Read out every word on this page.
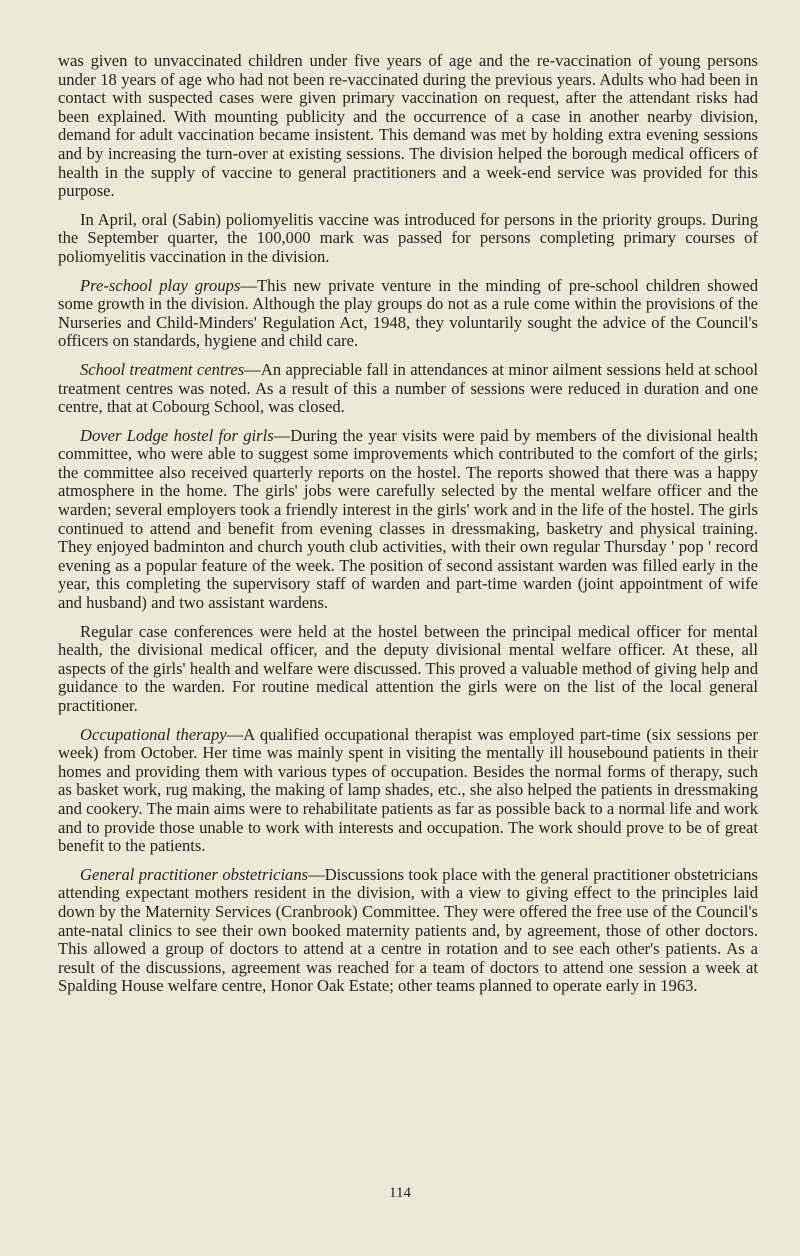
was given to unvaccinated children under five years of age and the re-vaccination of young persons under 18 years of age who had not been re-vaccinated during the previous years. Adults who had been in contact with suspected cases were given primary vaccination on request, after the attendant risks had been explained. With mounting publicity and the occurrence of a case in another nearby division, demand for adult vaccination became insistent. This demand was met by holding extra evening sessions and by increasing the turn-over at existing sessions. The division helped the borough medical officers of health in the supply of vaccine to general practitioners and a week-end service was provided for this purpose.

In April, oral (Sabin) poliomyelitis vaccine was introduced for persons in the priority groups. During the September quarter, the 100,000 mark was passed for persons completing primary courses of poliomyelitis vaccination in the division.

Pre-school play groups—This new private venture in the minding of pre-school children showed some growth in the division. Although the play groups do not as a rule come within the provisions of the Nurseries and Child-Minders' Regulation Act, 1948, they voluntarily sought the advice of the Council's officers on standards, hygiene and child care.

School treatment centres—An appreciable fall in attendances at minor ailment sessions held at school treatment centres was noted. As a result of this a number of sessions were reduced in duration and one centre, that at Cobourg School, was closed.

Dover Lodge hostel for girls—During the year visits were paid by members of the divisional health committee, who were able to suggest some improvements which contributed to the comfort of the girls; the committee also received quarterly reports on the hostel. The reports showed that there was a happy atmosphere in the home. The girls' jobs were carefully selected by the mental welfare officer and the warden; several employers took a friendly interest in the girls' work and in the life of the hostel. The girls continued to attend and benefit from evening classes in dressmaking, basketry and physical training. They enjoyed badminton and church youth club activities, with their own regular Thursday ' pop ' record evening as a popular feature of the week. The position of second assistant warden was filled early in the year, this completing the supervisory staff of warden and part-time warden (joint appointment of wife and husband) and two assistant wardens.

Regular case conferences were held at the hostel between the principal medical officer for mental health, the divisional medical officer, and the deputy divisional mental welfare officer. At these, all aspects of the girls' health and welfare were discussed. This proved a valuable method of giving help and guidance to the warden. For routine medical attention the girls were on the list of the local general practitioner.

Occupational therapy—A qualified occupational therapist was employed part-time (six sessions per week) from October. Her time was mainly spent in visiting the mentally ill housebound patients in their homes and providing them with various types of occupation. Besides the normal forms of therapy, such as basket work, rug making, the making of lamp shades, etc., she also helped the patients in dressmaking and cookery. The main aims were to rehabilitate patients as far as possible back to a normal life and work and to provide those unable to work with interests and occupation. The work should prove to be of great benefit to the patients.

General practitioner obstetricians—Discussions took place with the general practitioner obstetricians attending expectant mothers resident in the division, with a view to giving effect to the principles laid down by the Maternity Services (Cranbrook) Committee. They were offered the free use of the Council's ante-natal clinics to see their own booked maternity patients and, by agreement, those of other doctors. This allowed a group of doctors to attend at a centre in rotation and to see each other's patients. As a result of the discussions, agreement was reached for a team of doctors to attend one session a week at Spalding House welfare centre, Honor Oak Estate; other teams planned to operate early in 1963.

114
